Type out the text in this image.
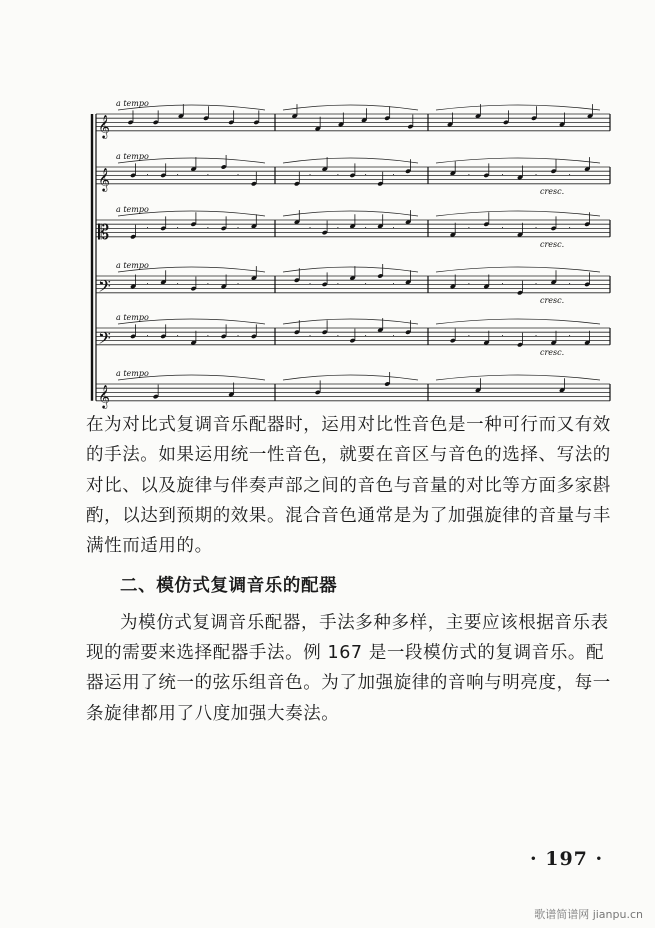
𝄞
𝄞
𝄡
𝄢
𝄢
𝄞
·	·	·	·	·	·	·	·	·	·	·	·
·	·	·	·	·	·	·	·	·	·	·	·
·	·	·	·	·	·	·	·	·	·	·	·
·	·	·	·	·	·	·	·	·	·	·	·
a tempo
a tempo
cresc.
a tempo
cresc.
a tempo
cresc.
a tempo
cresc.
a tempo

在为对比式复调音乐配器时，运用对比性音色是一种可行而又有效的手法。如果运用统一性音色，就要在音区与音色的选择、写法的对比、以及旋律与伴奏声部之间的音色与音量的对比等方面多家斟酌，以达到预期的效果。混合音色通常是为了加强旋律的音量与丰满性而适用的。

二、模仿式复调音乐的配器

为模仿式复调音乐配器，手法多种多样，主要应该根据音乐表现的需要来选择配器手法。例 167 是一段模仿式的复调音乐。配器运用了统一的弦乐组音色。为了加强旋律的音响与明亮度，每一条旋律都用了八度加强大奏法。

· 197 ·
歌谱简谱网 jianpu.cn
